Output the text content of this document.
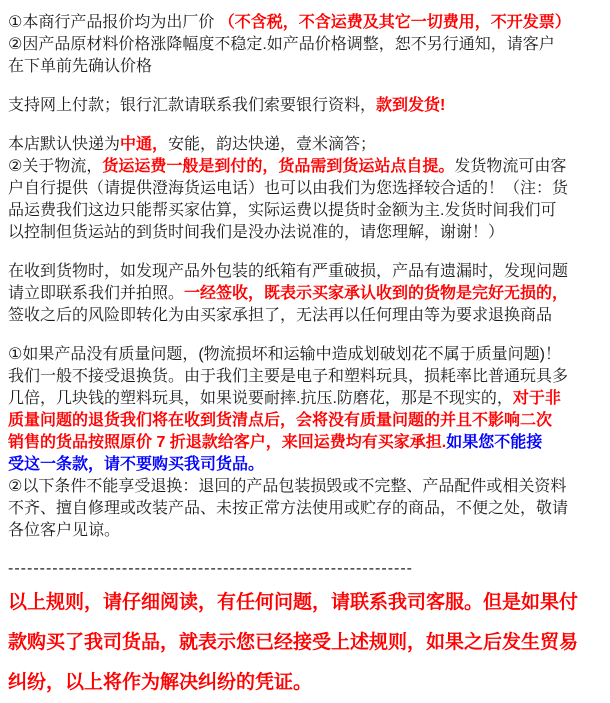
①本商行产品报价均为出厂价 （不含税，不含运费及其它一切费用，不开发票）
②因产品原材料价格涨降幅度不稳定.如产品价格调整，恕不另行通知，请客户
在下单前先确认价格
支持网上付款；银行汇款请联系我们索要银行资料，款到发货!
本店默认快递为中通，安能，韵达快递，壹米滴答；
②关于物流，货运运费一般是到付的，货品需到货运站点自提。发货物流可由客
户自行提供（请提供澄海货运电话）也可以由我们为您选择较合适的！（注：货
品运费我们这边只能帮买家估算，实际运费以提货时金额为主.发货时间我们可
以控制但货运站的到货时间我们是没办法说准的，请您理解，谢谢！）
在收到货物时，如发现产品外包装的纸箱有严重破损，产品有遗漏时，发现问题
请立即联系我们并拍照。一经签收，既表示买家承认收到的货物是完好无损的，
签收之后的风险即转化为由买家承担了，无法再以任何理由等为要求退换商品
①如果产品没有质量问题，(物流损坏和运输中造成划破划花不属于质量问题)！
我们一般不接受退换货。由于我们主要是电子和塑料玩具，损耗率比普通玩具多
几倍，几块钱的塑料玩具，如果说要耐摔.抗压.防磨花，那是不现实的，对于非
质量问题的退货我们将在收到货清点后，会将没有质量问题的并且不影响二次
销售的货品按照原价 7 折退款给客户，来回运费均有买家承担.如果您不能接
受这一条款，请不要购买我司货品。
②以下条件不能享受退换：退回的产品包装损毁或不完整、产品配件或相关资料
不齐、擅自修理或改装产品、未按正常方法使用或贮存的商品，不便之处，敬请
各位客户见谅。
----------------------------------------------------------------
以上规则，请仔细阅读，有任何问题，请联系我司客服。但是如果付
款购买了我司货品，就表示您已经接受上述规则，如果之后发生贸易
纠纷，以上将作为解决纠纷的凭证。
